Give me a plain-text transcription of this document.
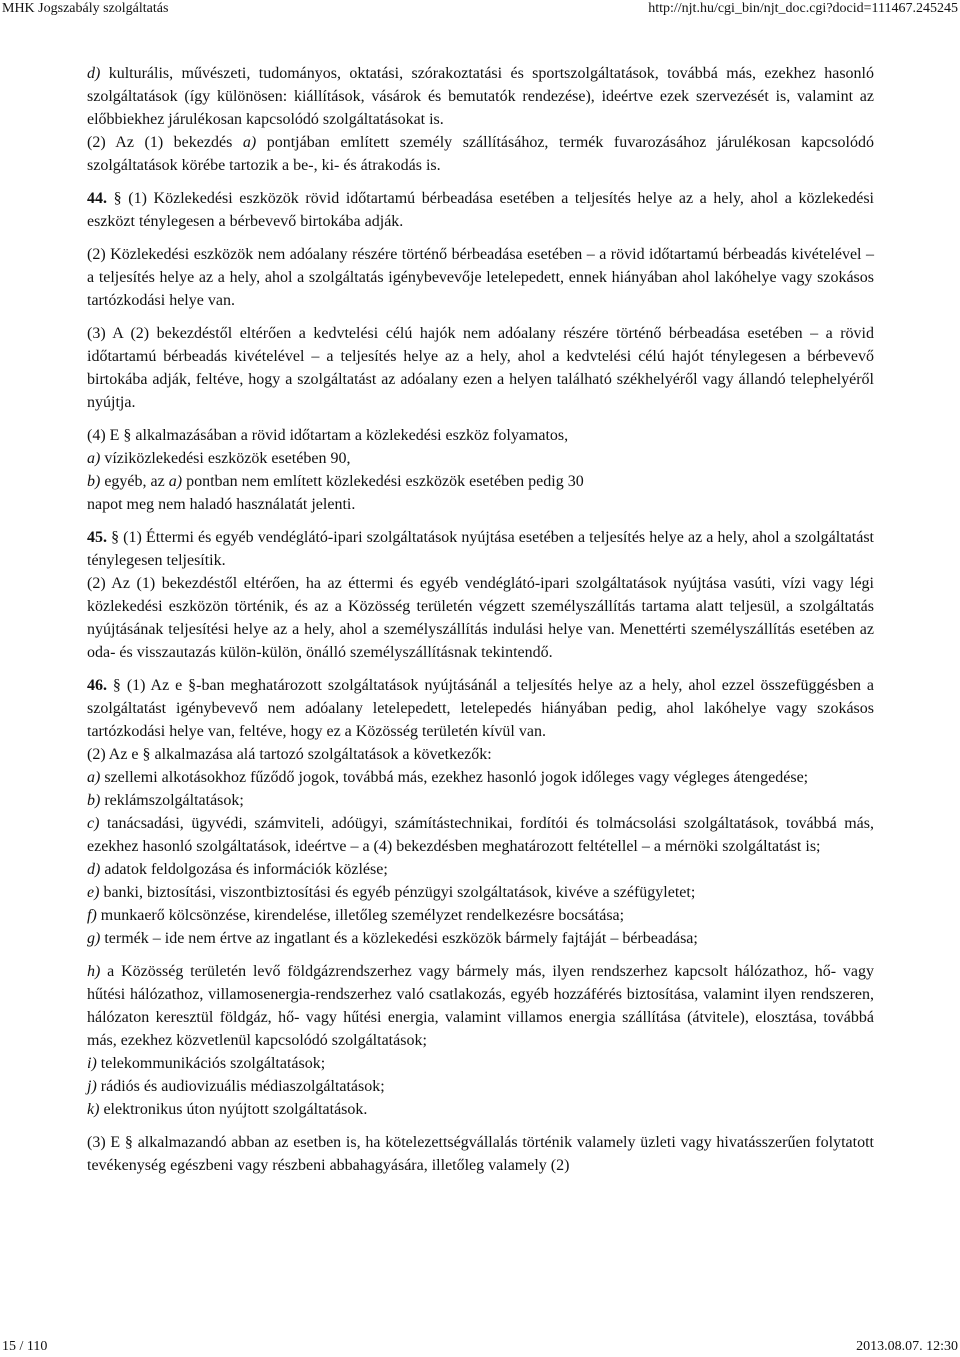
MHK Jogszabály szolgáltatás	http://njt.hu/cgi_bin/njt_doc.cgi?docid=111467.245245

d) kulturális, művészeti, tudományos, oktatási, szórakoztatási és sportszolgáltatások, továbbá más, ezekhez hasonló szolgáltatások (így különösen: kiállítások, vásárok és bemutatók rendezése), ideértve ezek szervezését is, valamint az előbbiekhez járulékosan kapcsolódó szolgáltatásokat is.

(2) Az (1) bekezdés a) pontjában említett személy szállításához, termék fuvarozásához járulékosan kapcsolódó szolgáltatások körébe tartozik a be-, ki- és átrakodás is.

44. § (1) Közlekedési eszközök rövid időtartamú bérbeadása esetében a teljesítés helye az a hely, ahol a közlekedési eszközt ténylegesen a bérbevevő birtokába adják.

(2) Közlekedési eszközök nem adóalany részére történő bérbeadása esetében – a rövid időtartamú bérbeadás kivételével – a teljesítés helye az a hely, ahol a szolgáltatás igénybevevője letelepedett, ennek hiányában ahol lakóhelye vagy szokásos tartózkodási helye van.

(3) A (2) bekezdéstől eltérően a kedvtelési célú hajók nem adóalany részére történő bérbeadása esetében – a rövid időtartamú bérbeadás kivételével – a teljesítés helye az a hely, ahol a kedvtelési célú hajót ténylegesen a bérbevevő birtokába adják, feltéve, hogy a szolgáltatást az adóalany ezen a helyen található székhelyéről vagy állandó telephelyéről nyújtja.

(4) E § alkalmazásában a rövid időtartam a közlekedési eszköz folyamatos,

a) víziközlekedési eszközök esetében 90,

b) egyéb, az a) pontban nem említett közlekedési eszközök esetében pedig 30

napot meg nem haladó használatát jelenti.

45. § (1) Éttermi és egyéb vendéglátó-ipari szolgáltatások nyújtása esetében a teljesítés helye az a hely, ahol a szolgáltatást ténylegesen teljesítik.

(2) Az (1) bekezdéstől eltérően, ha az éttermi és egyéb vendéglátó-ipari szolgáltatások nyújtása vasúti, vízi vagy légi közlekedési eszközön történik, és az a Közösség területén végzett személyszállítás tartama alatt teljesül, a szolgáltatás nyújtásának teljesítési helye az a hely, ahol a személyszállítás indulási helye van. Menettérti személyszállítás esetében az oda- és visszautazás külön-külön, önálló személyszállításnak tekintendő.

46. § (1) Az e §-ban meghatározott szolgáltatások nyújtásánál a teljesítés helye az a hely, ahol ezzel összefüggésben a szolgáltatást igénybevevő nem adóalany letelepedett, letelepedés hiányában pedig, ahol lakóhelye vagy szokásos tartózkodási helye van, feltéve, hogy ez a Közösség területén kívül van.

(2) Az e § alkalmazása alá tartozó szolgáltatások a következők:

a) szellemi alkotásokhoz fűződő jogok, továbbá más, ezekhez hasonló jogok időleges vagy végleges átengedése;

b) reklámszolgáltatások;

c) tanácsadási, ügyvédi, számviteli, adóügyi, számítástechnikai, fordítói és tolmácsolási szolgáltatások, továbbá más, ezekhez hasonló szolgáltatások, ideértve – a (4) bekezdésben meghatározott feltétellel – a mérnöki szolgáltatást is;

d) adatok feldolgozása és információk közlése;

e) banki, biztosítási, viszontbiztosítási és egyéb pénzügyi szolgáltatások, kivéve a széfügyletet;

f) munkaerő kölcsönzése, kirendelése, illetőleg személyzet rendelkezésre bocsátása;

g) termék – ide nem értve az ingatlant és a közlekedési eszközök bármely fajtáját – bérbeadása;

h) a Közösség területén levő földgázrendszerhez vagy bármely más, ilyen rendszerhez kapcsolt hálózathoz, hő- vagy hűtési hálózathoz, villamosenergia-rendszerhez való csatlakozás, egyéb hozzáférés biztosítása, valamint ilyen rendszeren, hálózaton keresztül földgáz, hő- vagy hűtési energia, valamint villamos energia szállítása (átvitele), elosztása, továbbá más, ezekhez közvetlenül kapcsolódó szolgáltatások;

i) telekommunikációs szolgáltatások;

j) rádiós és audiovizuális médiaszolgáltatások;

k) elektronikus úton nyújtott szolgáltatások.

(3) E § alkalmazandó abban az esetben is, ha kötelezettségvállalás történik valamely üzleti vagy hivatásszerűen folytatott tevékenység egészbeni vagy részbeni abbahagyására, illetőleg valamely (2)

15 / 110	2013.08.07. 12:30
